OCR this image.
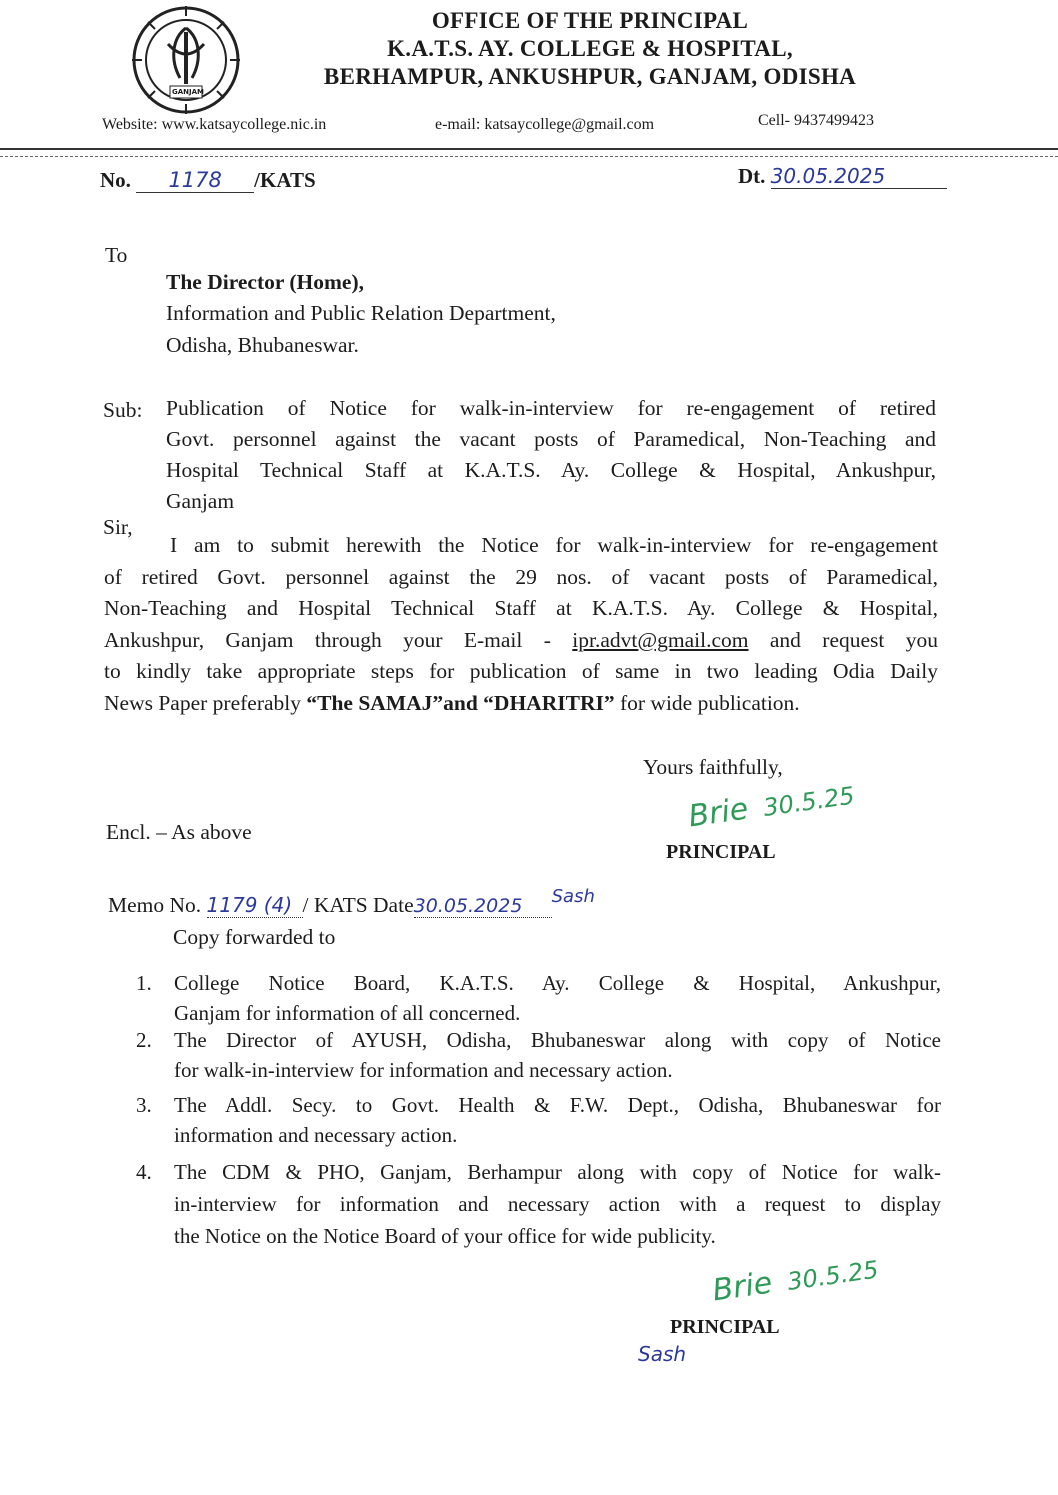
GANJAM
OFFICE OF THE PRINCIPAL
K.A.T.S. AY. COLLEGE & HOSPITAL,
BERHAMPUR, ANKUSHPUR, GANJAM, ODISHA
Website: www.katsaycollege.nic.in	e-mail: katsaycollege@gmail.com	Cell- 9437499423
No. 1178 /KATS	Dt. 30.05.2025
To
The Director (Home),
Information and Public Relation Department,
Odisha, Bhubaneswar.
Sub: Publication of Notice for walk-in-interview for re-engagement of retired
Govt. personnel against the vacant posts of Paramedical, Non-Teaching and
Hospital Technical Staff at K.A.T.S. Ay. College & Hospital, Ankushpur,
Ganjam
Sir,
I am to submit herewith the Notice for walk-in-interview for re-engagement
of retired Govt. personnel against the 29 nos. of vacant posts of Paramedical,
Non-Teaching and Hospital Technical Staff at K.A.T.S. Ay. College & Hospital,
Ankushpur, Ganjam through your E-mail - ipr.advt@gmail.com and request you
to kindly take appropriate steps for publication of same in two leading Odia Daily
News Paper preferably “The SAMAJ”and “DHARITRI” for wide publication.
Yours faithfully,
Brie 30.5.25
PRINCIPAL
Encl. – As above
Memo No. 1179 (4) / KATS Date30.05.2025 $^{Sash}$
Copy forwarded to
1.	College Notice Board, K.A.T.S. Ay. College & Hospital, Ankushpur,
Ganjam for information of all concerned.
2.	The Director of AYUSH, Odisha, Bhubaneswar along with copy of Notice
for walk-in-interview for information and necessary action.
3.	The Addl. Secy. to Govt. Health & F.W. Dept., Odisha, Bhubaneswar for
information and necessary action.
4.	The CDM & PHO, Ganjam, Berhampur along with copy of Notice for walk-
in-interview for information and necessary action with a request to display
the Notice on the Notice Board of your office for wide publicity.
Brie 30.5.25
PRINCIPAL
Sash
